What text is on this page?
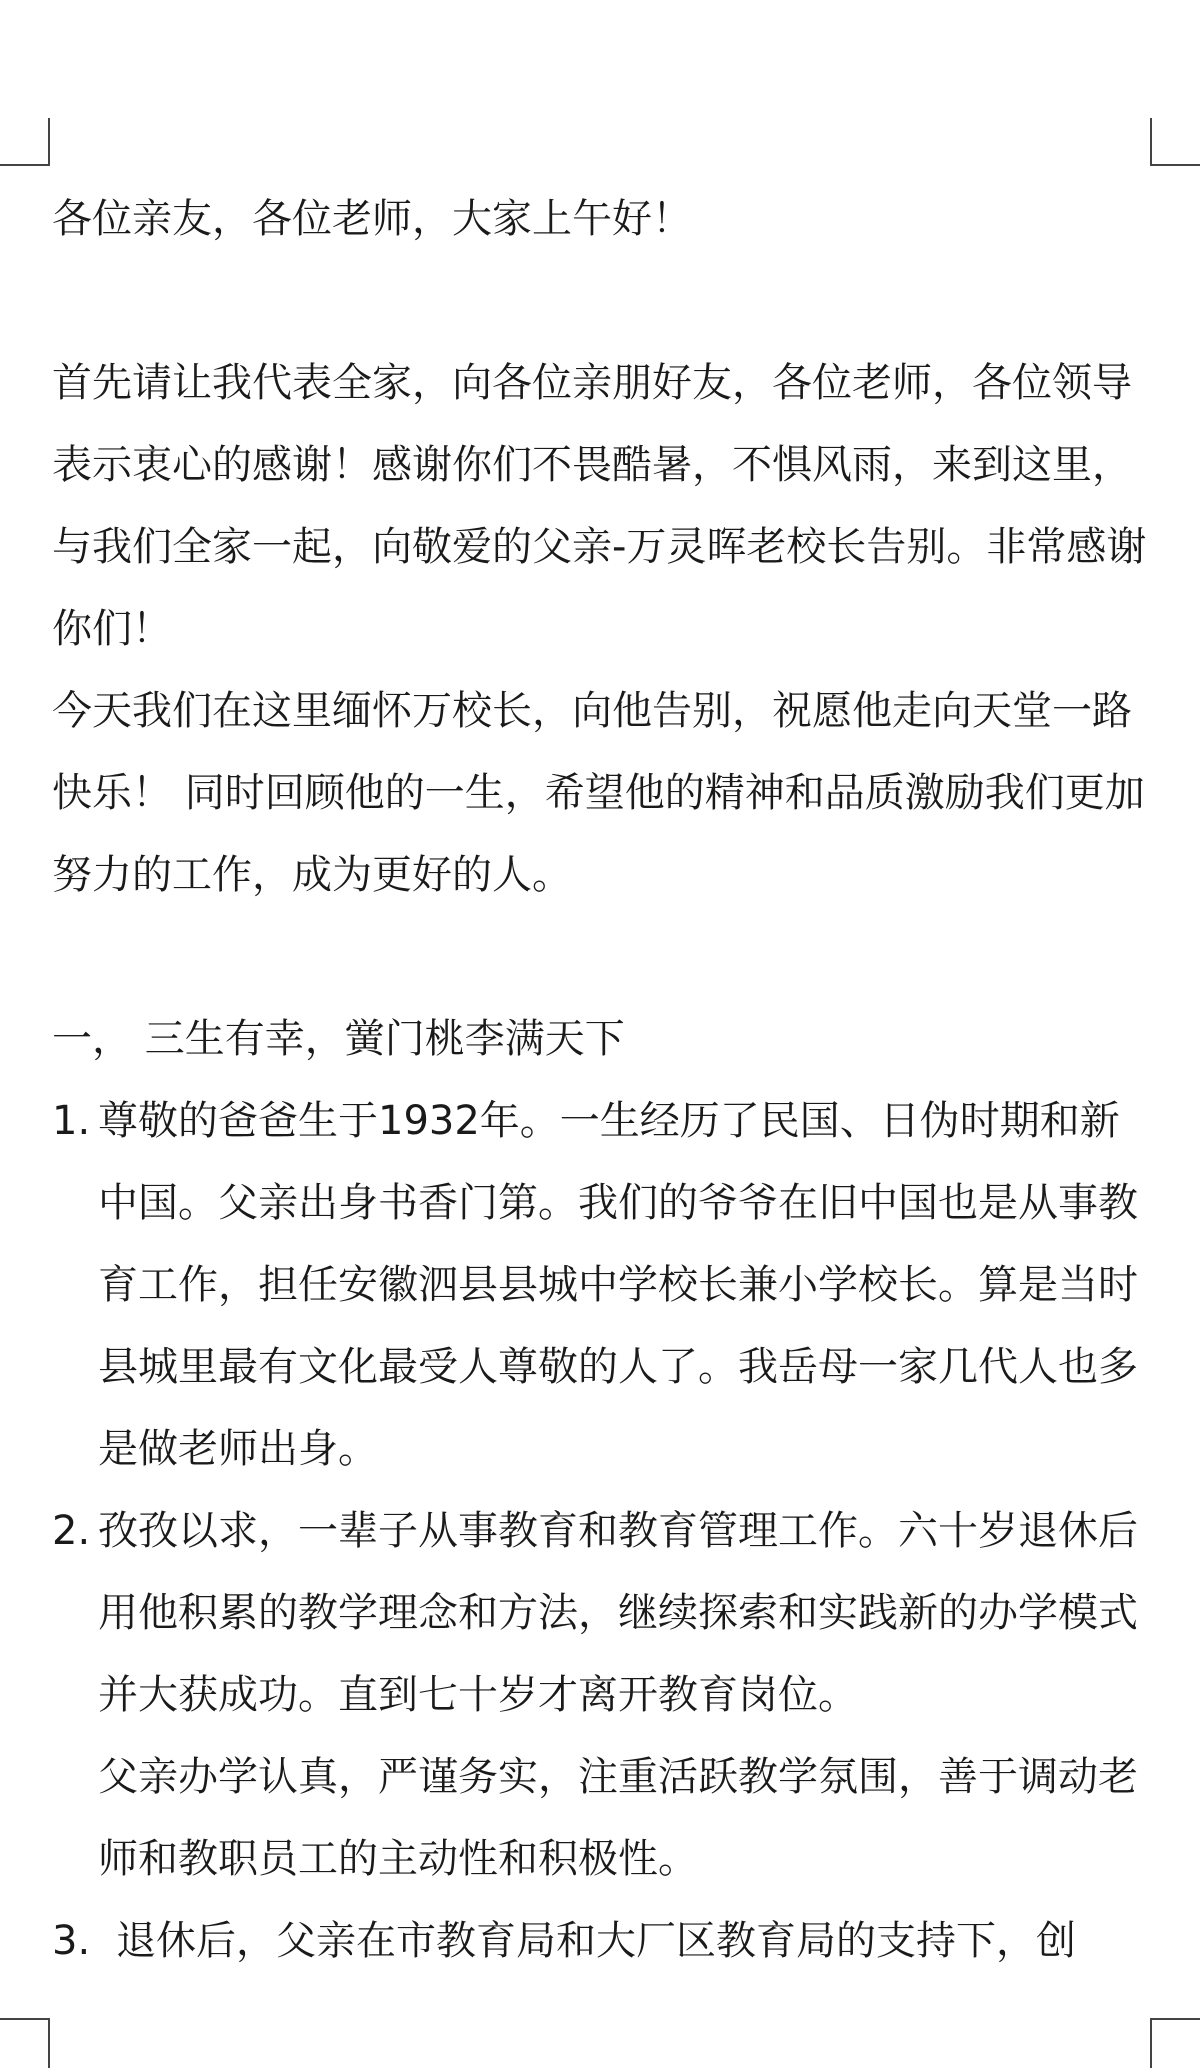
各位亲友，各位老师，大家上午好！

首先请让我代表全家，向各位亲朋好友，各位老师，各位领导表示衷心的感谢！感谢你们不畏酷暑，不惧风雨，来到这里，与我们全家一起，向敬爱的父亲-万灵晖老校长告别。非常感谢你们！

今天我们在这里缅怀万校长，向他告别，祝愿他走向天堂一路快乐！ 同时回顾他的一生，希望他的精神和品质激励我们更加努力的工作，成为更好的人。

一， 三生有幸，黉门桃李满天下

1. 尊敬的爸爸生于1932年。一生经历了民国、日伪时期和新中国。父亲出身书香门第。我们的爷爷在旧中国也是从事教育工作，担任安徽泗县县城中学校长兼小学校长。算是当时县城里最有文化最受人尊敬的人了。我岳母一家几代人也多是做老师出身。
2. 孜孜以求，一辈子从事教育和教育管理工作。六十岁退休后用他积累的教学理念和方法，继续探索和实践新的办学模式并大获成功。直到七十岁才离开教育岗位。

父亲办学认真，严谨务实，注重活跃教学氛围，善于调动老师和教职员工的主动性和积极性。

3. 退休后，父亲在市教育局和大厂区教育局的支持下，创
